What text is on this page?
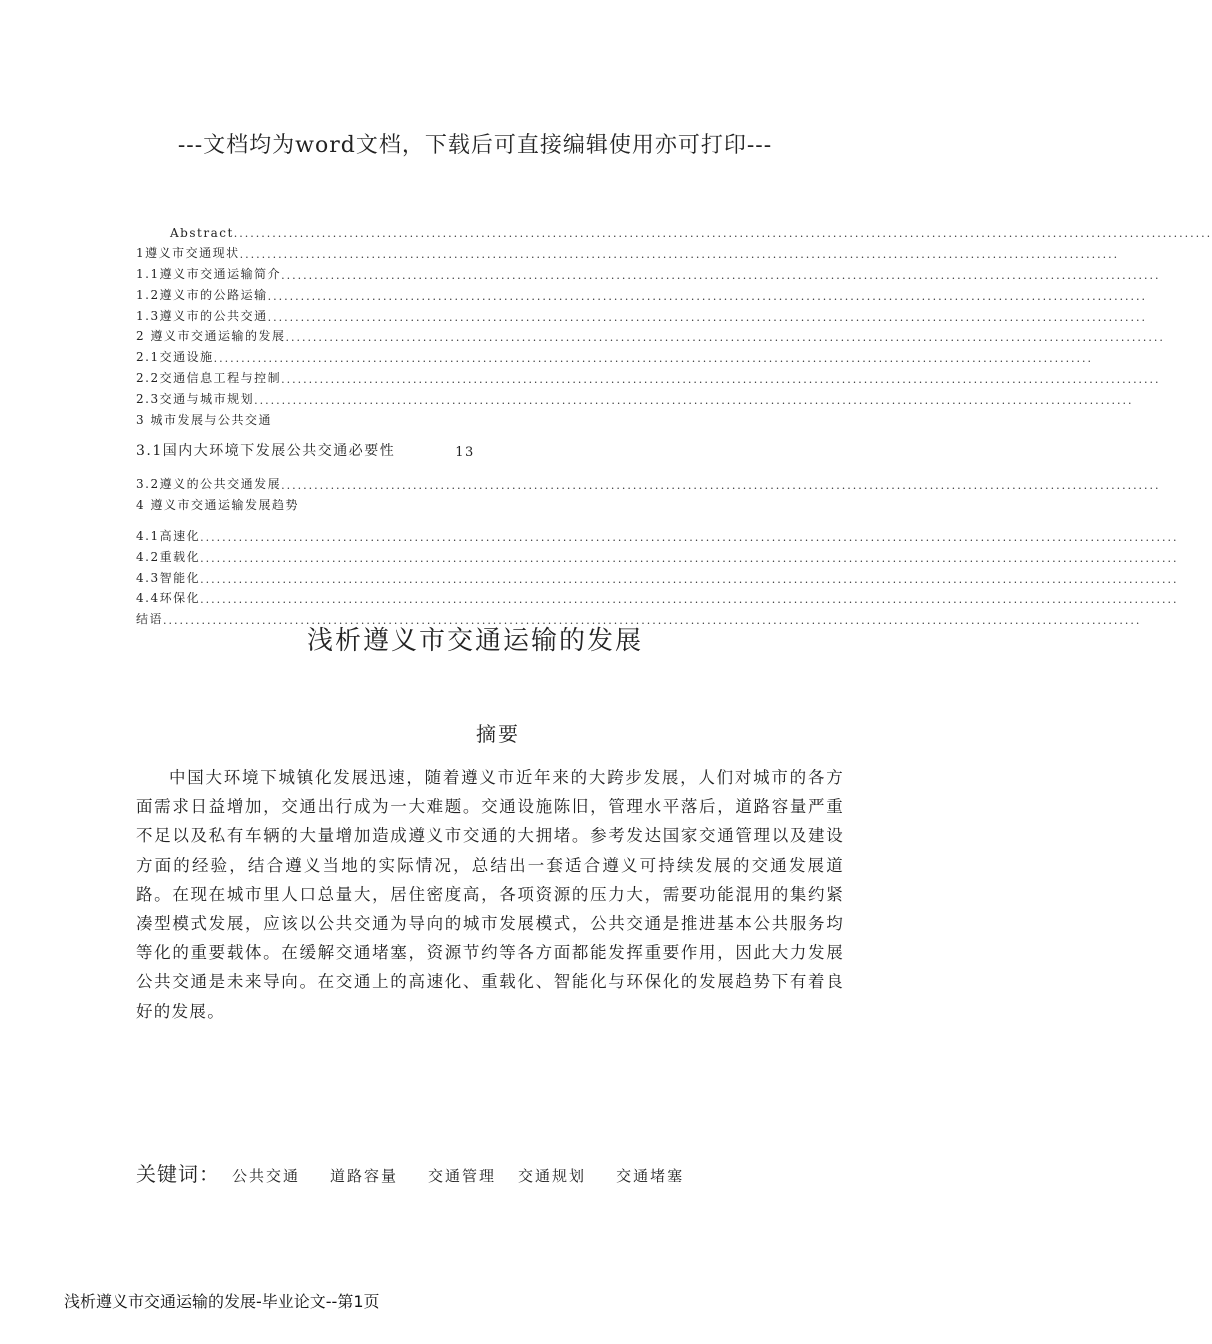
---文档均为word文档，下载后可直接编辑使用亦可打印---
Abstract ..................................................................................................................................................................................
1遵义市交通现状 ................................................................................................................................................................
1.1遵义市交通运输简介 ................................................................................................................................................................
1.2遵义市的公路运输 ................................................................................................................................................................
1.3遵义市的公共交通 ................................................................................................................................................................
2 遵义市交通运输的发展 ................................................................................................................................................................
2.1交通设施 ................................................................................................................................................................
2.2交通信息工程与控制 ................................................................................................................................................................
2.3交通与城市规划 ................................................................................................................................................................
3 城市发展与公共交通
3.1国内大环境下发展公共交通必要性	13
3.2遵义的公共交通发展 ................................................................................................................................................................
4 遵义市交通运输发展趋势
4.1高速化 ..................................................................................................................................................................................
4.2重载化 ..................................................................................................................................................................................
4.3智能化 ..................................................................................................................................................................................
4.4环保化 ..................................................................................................................................................................................
结语 ..................................................................................................................................................................................
浅析遵义市交通运输的发展
摘要

中国大环境下城镇化发展迅速，随着遵义市近年来的大跨步发展，人们对城市的各方面需求日益增加，交通出行成为一大难题。交通设施陈旧，管理水平落后，道路容量严重不足以及私有车辆的大量增加造成遵义市交通的大拥堵。参考发达国家交通管理以及建设方面的经验，结合遵义当地的实际情况，总结出一套适合遵义可持续发展的交通发展道路。在现在城市里人口总量大，居住密度高，各项资源的压力大，需要功能混用的集约紧凑型模式发展，应该以公共交通为导向的城市发展模式，公共交通是推进基本公共服务均等化的重要载体。在缓解交通堵塞，资源节约等各方面都能发挥重要作用，因此大力发展公共交通是未来导向。在交通上的高速化、重载化、智能化与环保化的发展趋势下有着良好的发展。

关键词： 公共交通 道路容量 交通管理 交通规划 交通堵塞
浅析遵义市交通运输的发展-毕业论文--第1页
